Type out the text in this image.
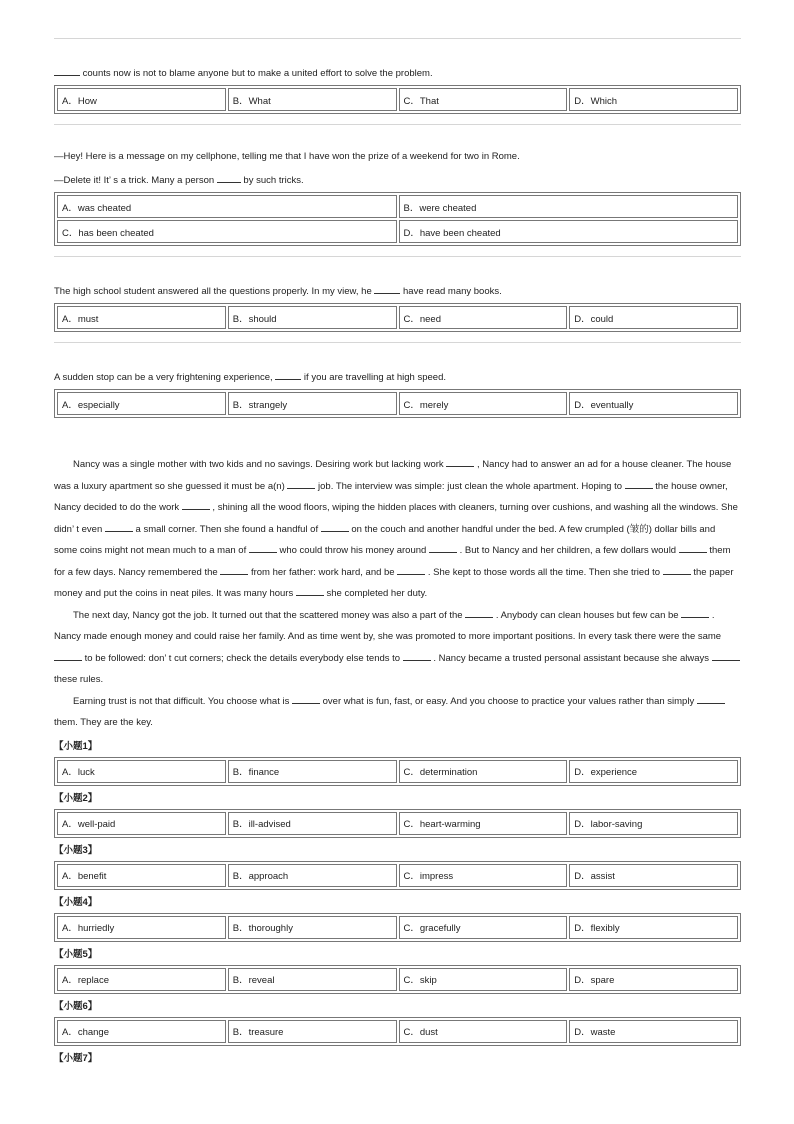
counts now is not to blame anyone but to make a united effort to solve the problem.
A．How	B．What	C．That	D．Which
—Hey! Here is a message on my cellphone, telling me that I have won the prize of a weekend for two in Rome.
—Delete it! It’ s a trick. Many a person	by such tricks.
A．was cheated	B．were cheated
C．has been cheated	D．have been cheated
The high school student answered all the questions properly. In my view, he	have read many books.
A．must	B．should	C．need	D．could
A sudden stop can be a very frightening experience,	if you are travelling at high speed.
A．especially	B．strangely	C．merely	D．eventually

Nancy was a single mother with two kids and no savings. Desiring work but lacking work	, Nancy had to answer an ad for a house cleaner. The house was a luxury apartment so she guessed it must be a(n)	job. The interview was simple: just clean the whole apartment. Hoping to	the house owner, Nancy decided to do the work	, shining all the wood floors, wiping the hidden places with cleaners, turning over cushions, and washing all the windows. She didn’ t even	a small corner. Then she found a handful of	on the couch and another handful under the bed. A few crumpled (皱的) dollar bills and some coins might not mean much to a man of	who could throw his money around	. But to Nancy and her children, a few dollars would	them for a few days. Nancy remembered the	from her father: work hard, and be	. She kept to those words all the time. Then she tried to	the paper money and put the coins in neat piles. It was many hours	she completed her duty.

The next day, Nancy got the job. It turned out that the scattered money was also a part of the	. Anybody can clean houses but few can be	. Nancy made enough money and could raise her family. And as time went by, she was promoted to more important positions. In every task there were the same  to be followed: don’ t cut corners; check the details everybody else tends to	. Nancy became a trusted personal assistant because she always  these rules.

Earning trust is not that difficult. You choose what is	over what is fun, fast, or easy. And you choose to practice your values rather than simply  them. They are the key.

【小题1】
A．luck	B．finance	C．determination	D．experience
【小题2】
A．well-paid	B．ill-advised	C．heart-warming	D．labor-saving
【小题3】
A．benefit	B．approach	C．impress	D．assist
【小题4】
A．hurriedly	B．thoroughly	C．gracefully	D．flexibly
【小题5】
A．replace	B．reveal	C．skip	D．spare
【小题6】
A．change	B．treasure	C．dust	D．waste
【小题7】
